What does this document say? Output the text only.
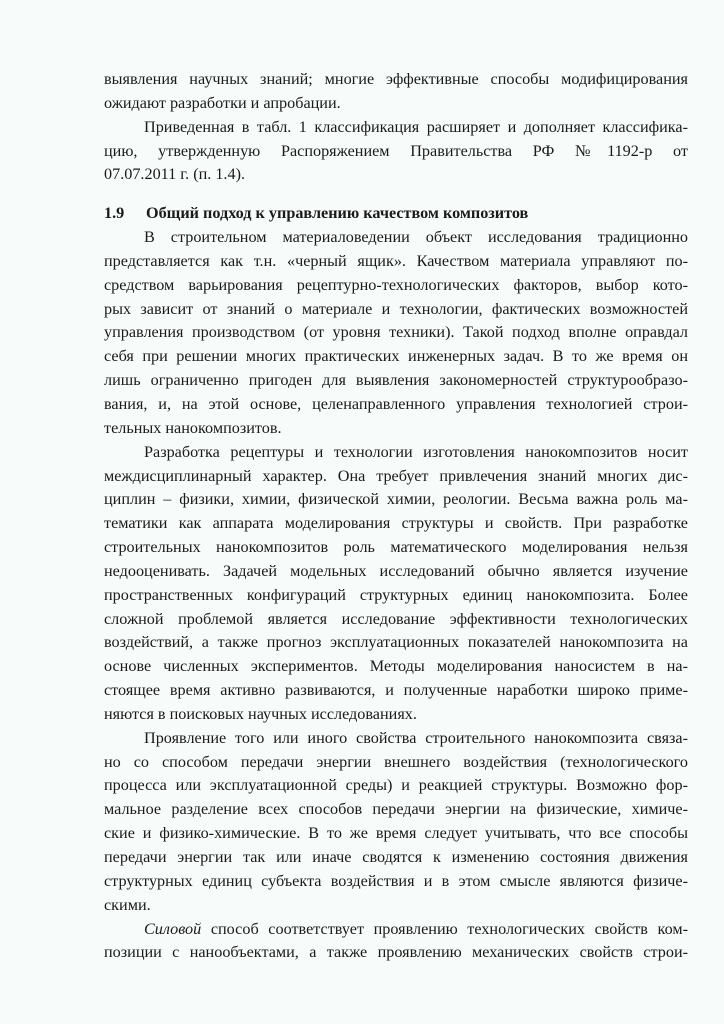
выявления научных знаний; многие эффективные способы модифицирования
ожидают разработки и апробации.

Приведенная в табл. 1 классификация расширяет и дополняет классифика-
цию, утвержденную Распоряжением Правительства РФ №1192-р от
07.07.2011 г. (п. 1.4).

1.9	Общий подход к управлению качеством композитов

В строительном материаловедении объект исследования традиционно
представляется как т.н. «черный ящик». Качеством материала управляют по-
средством варьирования рецептурно-технологических факторов, выбор кото-
рых зависит от знаний о материале и технологии, фактических возможностей
управления производством (от уровня техники). Такой подход вполне оправдал
себя при решении многих практических инженерных задач. В то же время он
лишь ограниченно пригоден для выявления закономерностей структурообразо-
вания, и, на этой основе, целенаправленного управления технологией строи-
тельных нанокомпозитов.

Разработка рецептуры и технологии изготовления нанокомпозитов носит
междисциплинарный характер. Она требует привлечения знаний многих дис-
циплин – физики, химии, физической химии, реологии. Весьма важна роль ма-
тематики как аппарата моделирования структуры и свойств. При разработке
строительных нанокомпозитов роль математического моделирования нельзя
недооценивать. Задачей модельных исследований обычно является изучение
пространственных конфигураций структурных единиц нанокомпозита. Более
сложной проблемой является исследование эффективности технологических
воздействий, а также прогноз эксплуатационных показателей нанокомпозита на
основе численных экспериментов. Методы моделирования наносистем в на-
стоящее время активно развиваются, и полученные наработки широко приме-
няются в поисковых научных исследованиях.

Проявление того или иного свойства строительного нанокомпозита связа-
но со способом передачи энергии внешнего воздействия (технологического
процесса или эксплуатационной среды) и реакцией структуры. Возможно фор-
мальное разделение всех способов передачи энергии на физические, химиче-
ские и физико-химические. В то же время следует учитывать, что все способы
передачи энергии так или иначе сводятся к изменению состояния движения
структурных единиц субъекта воздействия и в этом смысле являются физиче-
скими.

Силовой способ соответствует проявлению технологических свойств ком-
позиции с нанообъектами, а также проявлению механических свойств строи-
